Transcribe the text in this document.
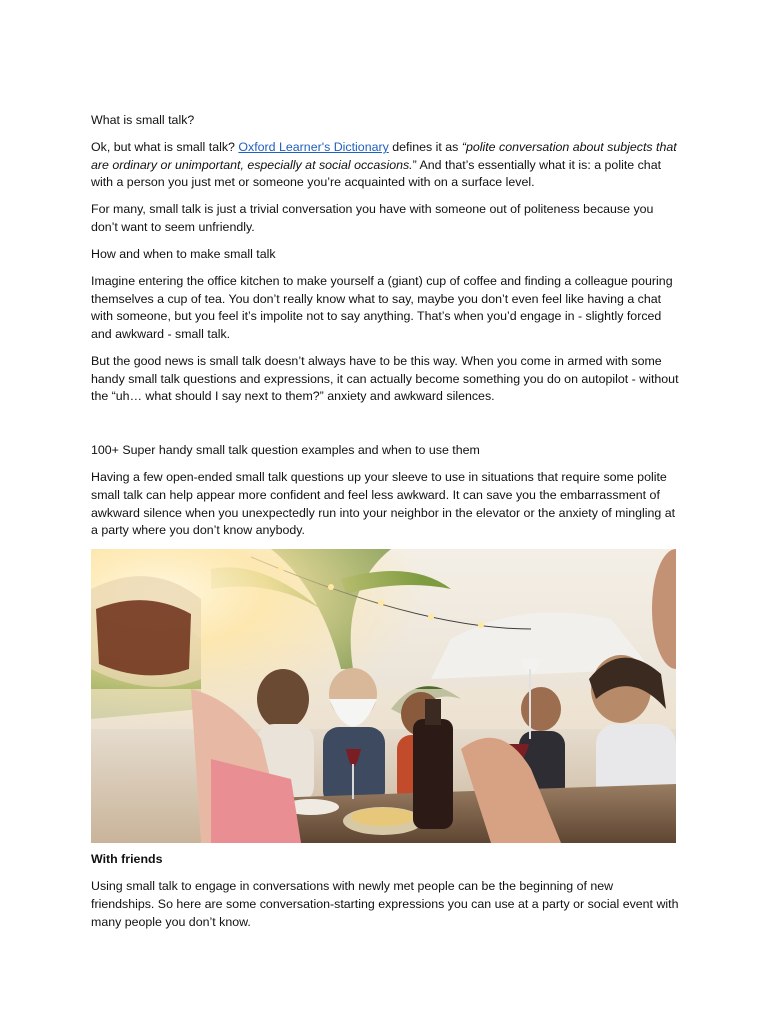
What is small talk?

Ok, but what is small talk? Oxford Learner's Dictionary defines it as “polite conversation about subjects that are ordinary or unimportant, especially at social occasions.” And that’s essentially what it is: a polite chat with a person you just met or someone you’re acquainted with on a surface level.

For many, small talk is just a trivial conversation you have with someone out of politeness because you don’t want to seem unfriendly.

How and when to make small talk

Imagine entering the office kitchen to make yourself a (giant) cup of coffee and finding a colleague pouring themselves a cup of tea. You don’t really know what to say, maybe you don’t even feel like having a chat with someone, but you feel it’s impolite not to say anything. That’s when you’d engage in - slightly forced and awkward - small talk.

But the good news is small talk doesn’t always have to be this way. When you come in armed with some handy small talk questions and expressions, it can actually become something you do on autopilot - without the “uh… what should I say next to them?” anxiety and awkward silences.

100+ Super handy small talk question examples and when to use them

Having a few open-ended small talk questions up your sleeve to use in situations that require some polite small talk can help appear more confident and feel less awkward. It can save you the embarrassment of awkward silence when you unexpectedly run into your neighbor in the elevator or the anxiety of mingling at a party where you don’t know anybody.

With friends

Using small talk to engage in conversations with newly met people can be the beginning of new friendships. So here are some conversation-starting expressions you can use at a party or social event with many people you don’t know.
